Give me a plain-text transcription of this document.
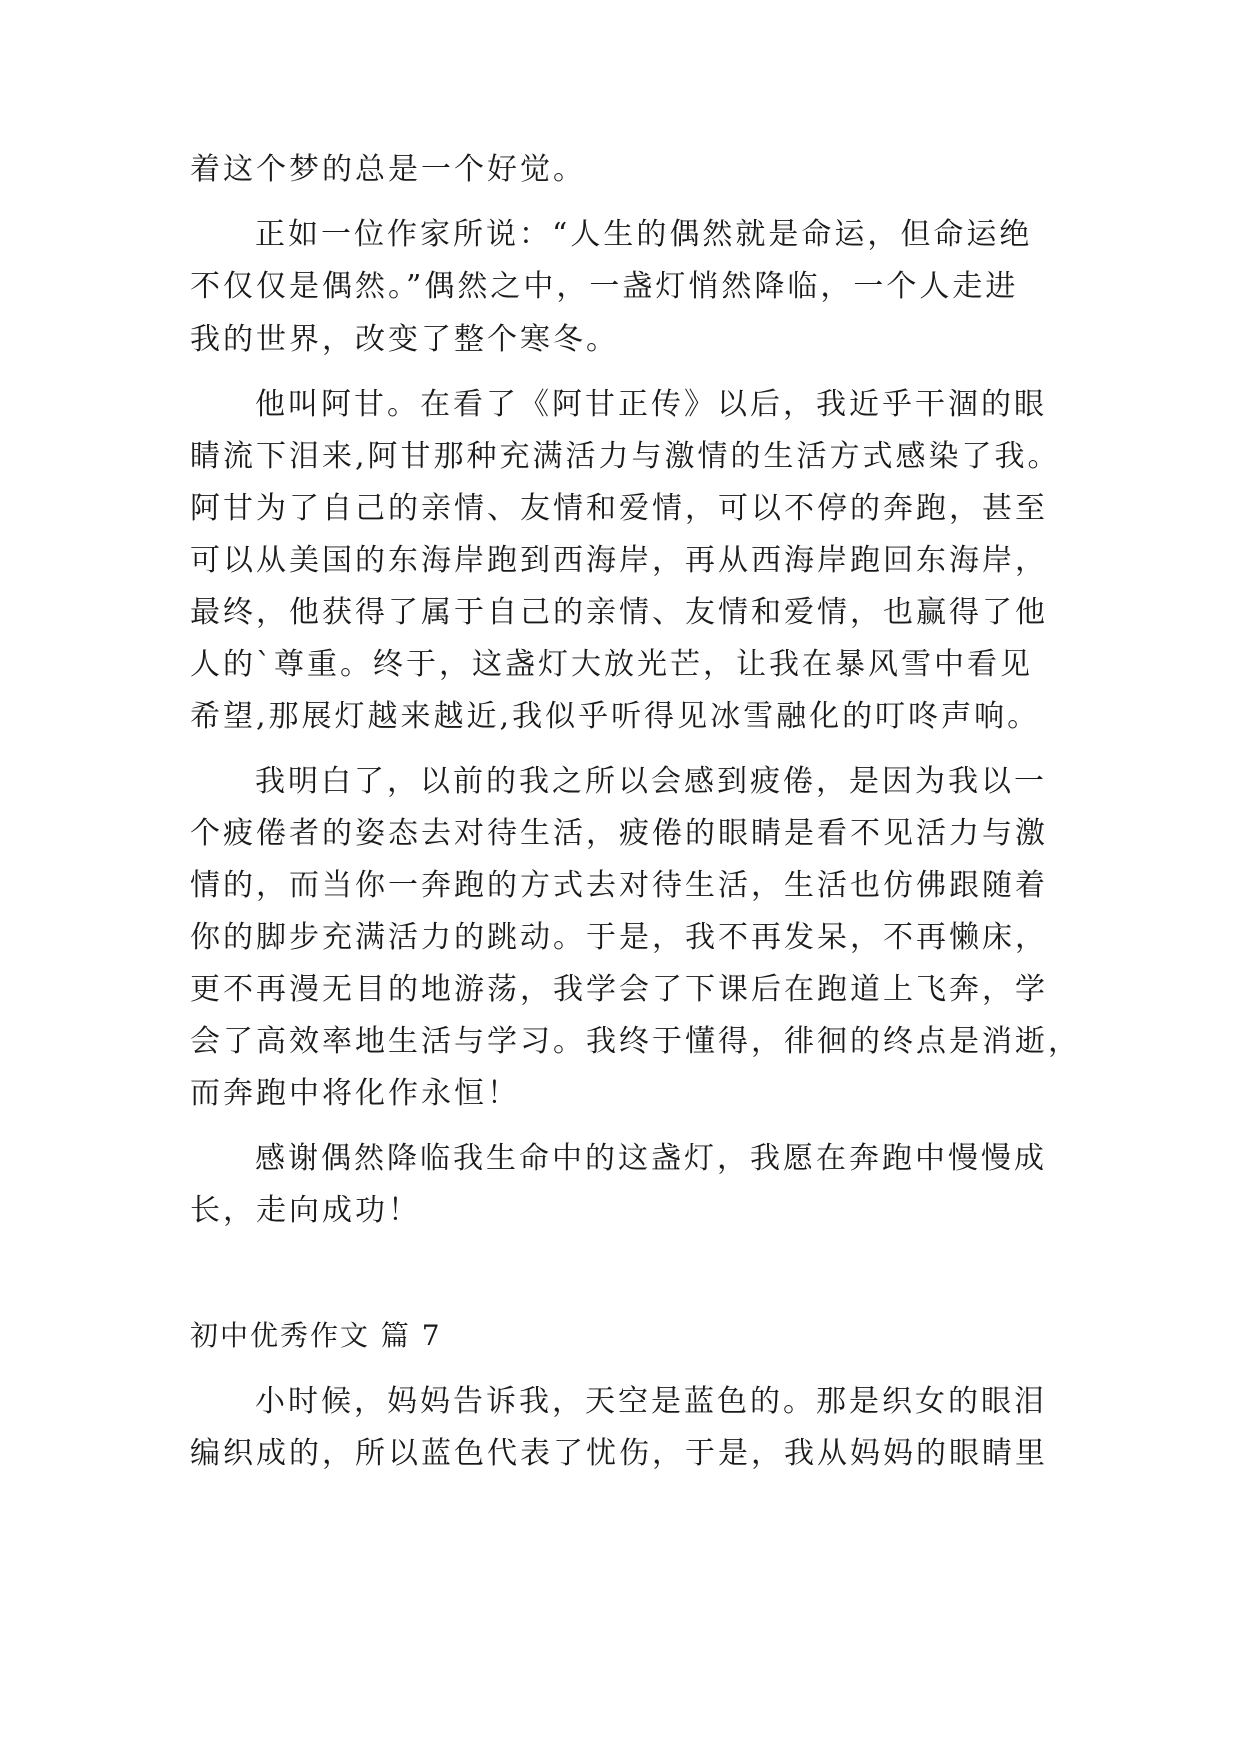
着这个梦的总是一个好觉。
正如一位作家所说：“人生的偶然就是命运，但命运绝
不仅仅是偶然。”偶然之中，一盏灯悄然降临，一个人走进
我的世界，改变了整个寒冬。
他叫阿甘。在看了《阿甘正传》以后，我近乎干涸的眼
睛流下泪来,阿甘那种充满活力与激情的生活方式感染了我。
阿甘为了自己的亲情、友情和爱情，可以不停的奔跑，甚至
可以从美国的东海岸跑到西海岸，再从西海岸跑回东海岸，
最终，他获得了属于自己的亲情、友情和爱情，也赢得了他
人的`尊重。终于，这盏灯大放光芒，让我在暴风雪中看见
希望,那展灯越来越近,我似乎听得见冰雪融化的叮咚声响。
我明白了，以前的我之所以会感到疲倦，是因为我以一
个疲倦者的姿态去对待生活，疲倦的眼睛是看不见活力与激
情的，而当你一奔跑的方式去对待生活，生活也仿佛跟随着
你的脚步充满活力的跳动。于是，我不再发呆，不再懒床，
更不再漫无目的地游荡，我学会了下课后在跑道上飞奔，学
会了高效率地生活与学习。我终于懂得，徘徊的终点是消逝，
而奔跑中将化作永恒！
感谢偶然降临我生命中的这盏灯，我愿在奔跑中慢慢成
长，走向成功！
初中优秀作文 篇 7
小时候，妈妈告诉我，天空是蓝色的。那是织女的眼泪
编织成的，所以蓝色代表了忧伤，于是，我从妈妈的眼睛里
